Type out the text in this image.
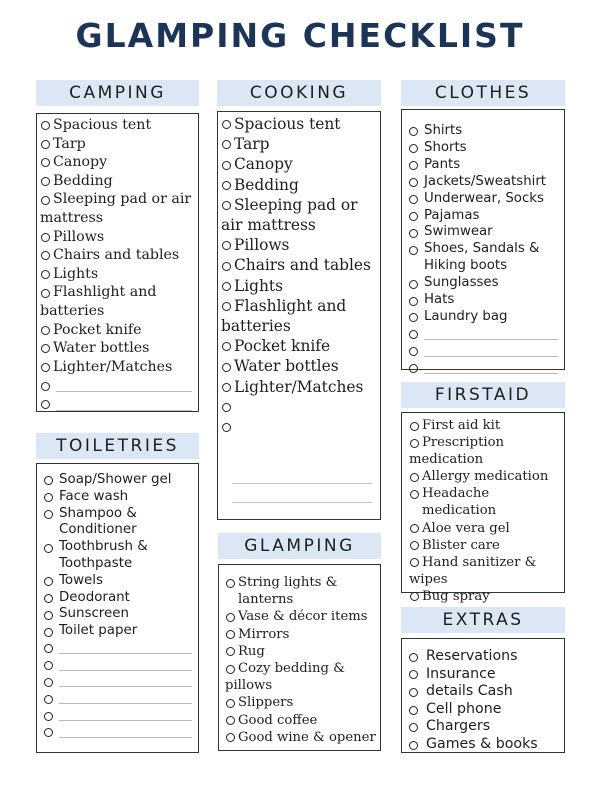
GLAMPING CHECKLIST
CAMPING
Spacious tent
Tarp
Canopy
Bedding
Sleeping pad or air mattress
Pillows
Chairs and tables
Lights
Flashlight and batteries
Pocket knife
Water bottles
Lighter/Matches

COOKING
Spacious tent
Tarp
Canopy
Bedding
Sleeping pad or air mattress
Pillows
Chairs and tables
Lights
Flashlight and batteries
Pocket knife
Water bottles
Lighter/Matches

CLOTHES
Shirts
Shorts
Pants
Jackets/Sweatshirt
Underwear, Socks
Pajamas
Swimwear
Shoes, Sandals & Hiking boots
Sunglasses
Hats
Laundry bag

TOILETRIES
Soap/Shower gel
Face wash
Shampoo & Conditioner
Toothbrush & Toothpaste
Towels
Deodorant
Sunscreen
Toilet paper

GLAMPING
String lights & lanterns
Vase & décor items
Mirrors
Rug
Cozy bedding & pillows
Slippers
Good coffee
Good wine & opener
FIRSTAID
First aid kit
Prescription medication
Allergy medication
Headache medication
Aloe vera gel
Blister care
Hand sanitizer & wipes
Bug spray
EXTRAS
Reservations
Insurance
details Cash
Cell phone
Chargers
Games & books
